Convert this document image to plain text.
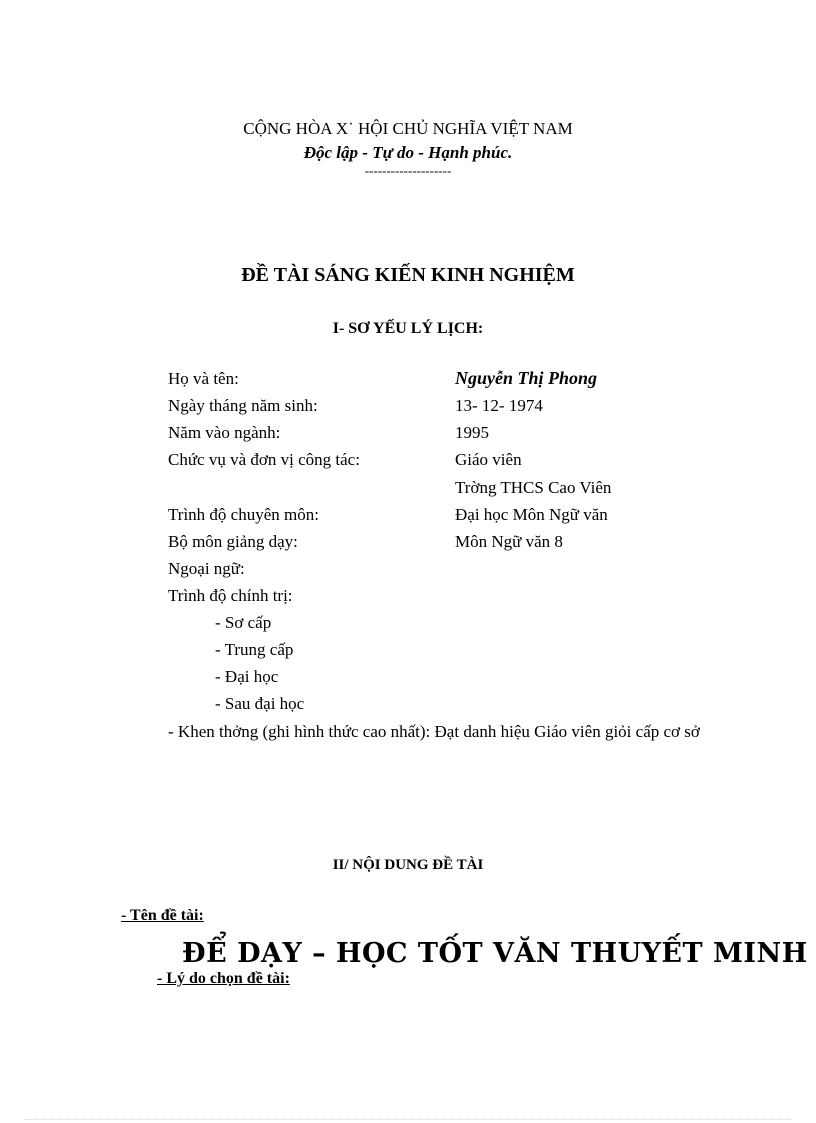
CỘNG HÒA X˙ HỘI CHỦ NGHĨA VIỆT NAM
Độc lập - Tự do - Hạnh phúc.
--------------------
ĐỀ TÀI SÁNG KIẾN KINH NGHIỆM
I- SƠ YẾU LÝ LỊCH:
Họ và tên:	Nguyễn Thị Phong
Ngày tháng năm sinh:	13- 12- 1974
Năm vào ngành:	1995
Chức vụ và đơn vị công tác:	Giáo viên
Trờng THCS Cao Viên
Trình độ chuyên môn:	Đại học Môn Ngữ văn
Bộ môn giảng dạy:	Môn Ngữ văn 8
Ngoại ngữ:
Trình độ chính trị:
- Sơ cấp
- Trung cấp
- Đại học
- Sau đại học
- Khen thởng (ghi hình thức cao nhất): Đạt danh hiệu Giáo viên giỏi cấp cơ sở
II/ NỘI DUNG ĐỀ TÀI
- Tên đề tài:
ĐỂ DẠY – HỌC TỐT VĂN THUYẾT MINH
- Lý do chọn đề tài:
